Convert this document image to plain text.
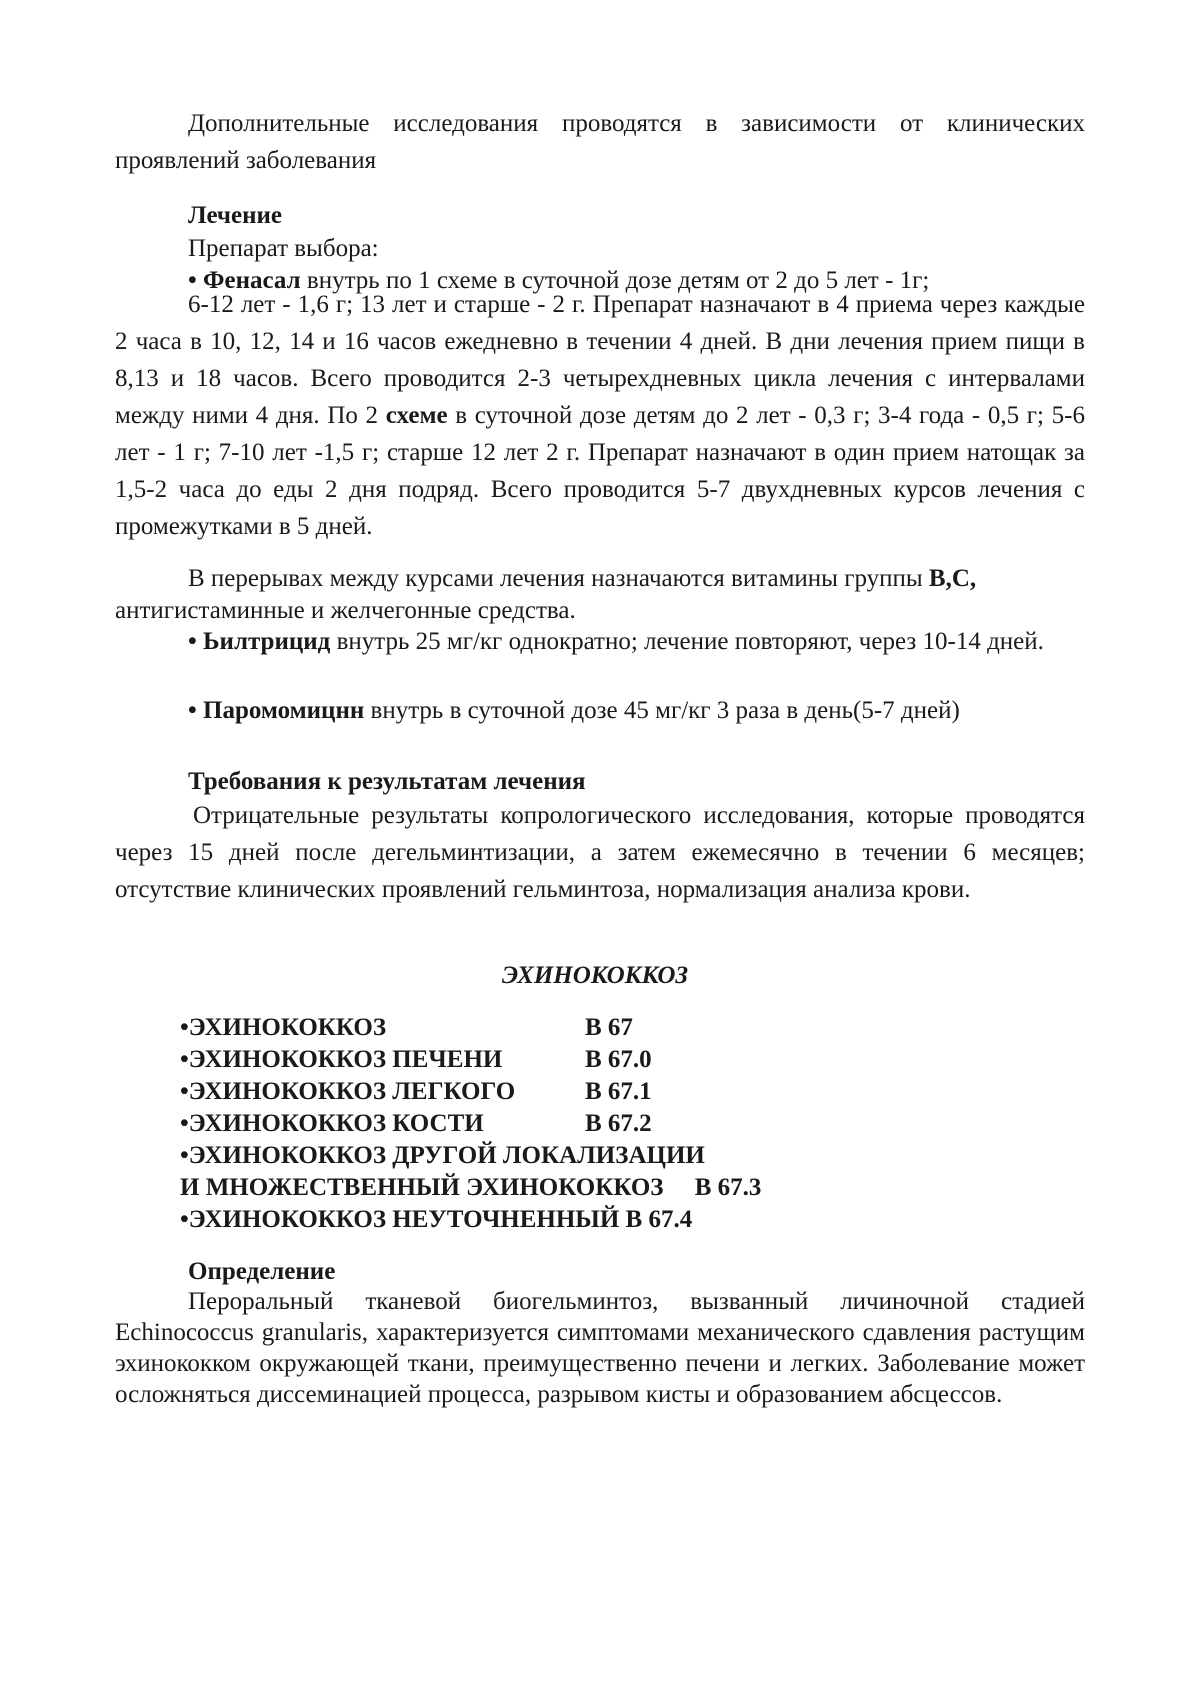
Дополнительные исследования проводятся в зависимости от клинических проявлений заболевания

Лечение
Препарат выбора:
• Фенасал внутрь по 1 схеме в суточной дозе детям от 2 до 5 лет - 1г;

6-12 лет - 1,6 г; 13 лет и старше - 2 г. Препарат назначают в 4 приема через каждые 2 часа в 10, 12, 14 и 16 часов ежедневно в течении 4 дней. В дни лечения прием пищи в 8,13 и 18 часов. Всего проводится 2-3 четырехдневных цикла лечения с интервалами между ними 4 дня. По 2 схеме в суточной дозе детям до 2 лет - 0,3 г; 3-4 года - 0,5 г; 5-6 лет - 1 г; 7-10 лет -1,5 г; старше 12 лет 2 г. Препарат назначают в один прием натощак за 1,5-2 часа до еды 2 дня подряд. Всего проводится 5-7 двухдневных курсов лечения с промежутками в 5 дней.

В перерывах между курсами лечения назначаются витамины группы В,С,
антигистаминные и желчегонные средства.

• Ьилтрицид внутрь 25 мг/кг однократно; лечение повторяют, через 10-14 дней.

• Паромомицнн внутрь в суточной дозе 45 мг/кг 3 раза в день(5-7 дней)
Требования к результатам лечения

Отрицательные результаты копрологического исследования, которые проводятся через 15 дней после дегельминтизации, а затем ежемесячно в течении 6 месяцев; отсутствие клинических проявлений гельминтоза, нормализация анализа крови.

ЭХИНОКОККОЗ
•ЭХИНОКОККОЗ	В 67
•ЭХИНОКОККОЗ ПЕЧЕНИ	В 67.0
•ЭХИНОКОККОЗ ЛЕГКОГО	В 67.1
•ЭХИНОКОККОЗ КОСТИ	В 67.2
•ЭХИНОКОККОЗ ДРУГОЙ ЛОКАЛИЗАЦИИ
И МНОЖЕСТВЕННЫЙ ЭХИНОКОККОЗ     В 67.3
•ЭХИНОКОККОЗ НЕУТОЧНЕННЫЙ В 67.4
Определение

Пероральный тканевой биогельминтоз, вызванный личиночной стадией Echinococcus granularis, характеризуется симптомами механического сдавления растущим эхинококком окружающей ткани, преимущественно печени и легких. Заболевание может осложняться диссеминацией процесса, разрывом кисты и образованием абсцессов.
